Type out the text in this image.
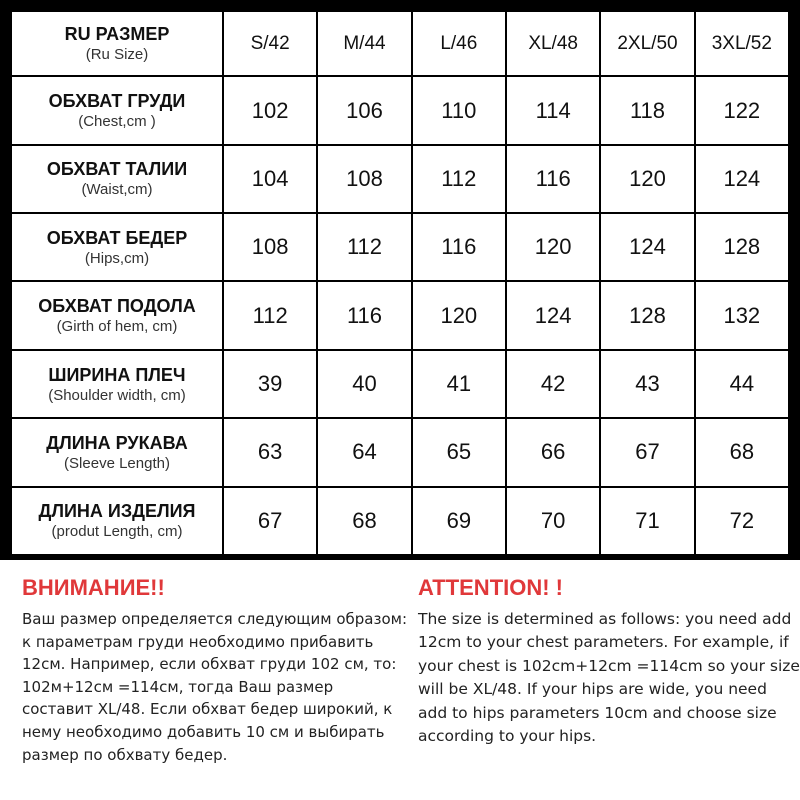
RU РАЗМЕР
(Ru Size)	S/42	M/44	L/46	XL/48	2XL/50	3XL/52

ОБХВАТ ГРУДИ
(Chest,cm )	102	106	110	114	118	122

ОБХВАТ ТАЛИИ
(Waist,cm)	104	108	112	116	120	124

ОБХВАТ БЕДЕР
(Hips,cm)	108	112	116	120	124	128

ОБХВАТ ПОДОЛА
(Girth of hem, cm)	112	116	120	124	128	132

ШИРИНА ПЛЕЧ
(Shoulder width, cm)	39	40	41	42	43	44

ДЛИНА РУКАВА
(Sleeve Length)	63	64	65	66	67	68

ДЛИНА ИЗДЕЛИЯ
(produt Length, cm)	67	68	69	70	71	72
ВНИМАНИЕ!!
Ваш размер определяется следующим образом: к параметрам груди необходимо прибавить 12см. Например, если обхват груди 102 см, то: 102м+12см =114см, тогда Ваш размер составит XL/48. Если обхват бедер широкий, к нему необходимо добавить 10 см и выбирать размер по обхвату бедер.
ATTENTION! !
The size is determined as follows: you need add 12cm to your chest parameters. For example, if your chest is 102cm+12cm =114cm so your size will be XL/48. If your hips are wide, you need add to hips parameters 10cm and choose size according to your hips.
